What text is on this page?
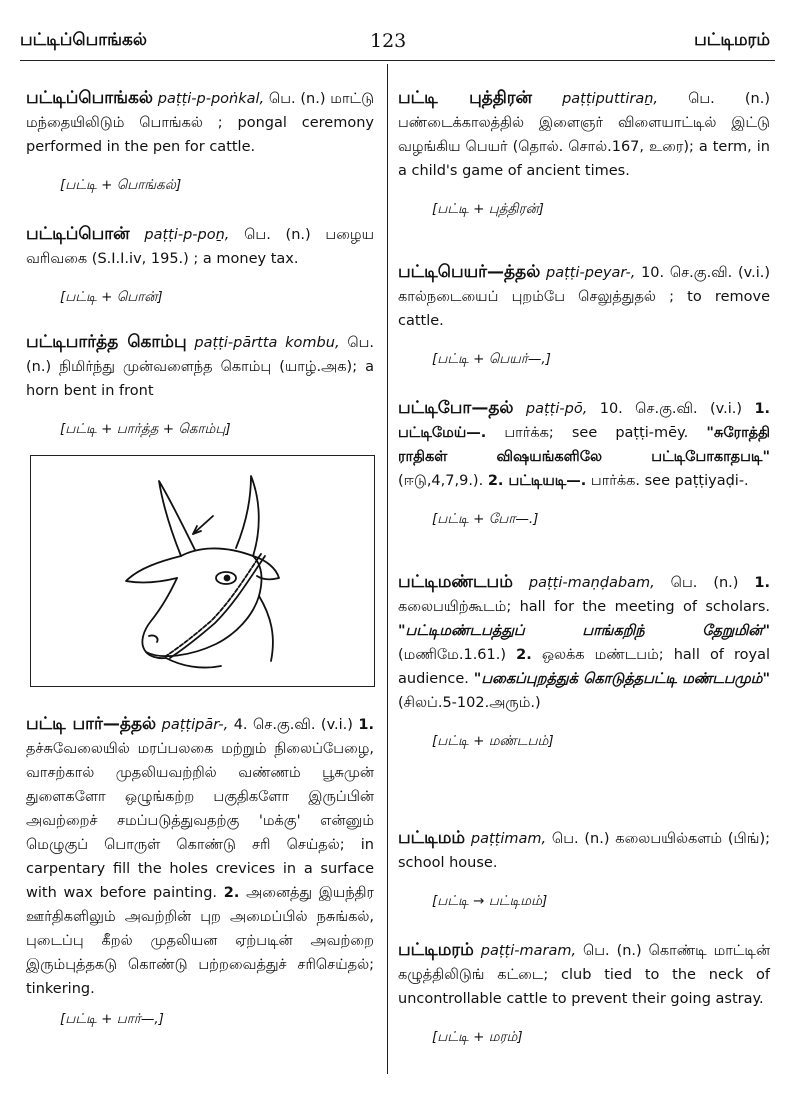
பட்டிப்பொங்கல்	123	பட்டிமரம்

பட்டிப்பொங்கல் paṭṭi-p-poṅkal, பெ. (n.) மாட்டு மந்தையிலிடும் பொங்கல் ; pongal ceremony performed in the pen for cattle.

[பட்டி + பொங்கல்]

பட்டிப்பொன் paṭṭi-p-poṉ, பெ. (n.) பழைய வரிவகை (S.I.I.iv, 195.) ; a money tax.

[பட்டி + பொன்]

பட்டிபார்த்த கொம்பு paṭṭi-pārtta kombu, பெ. (n.) நிமிர்ந்து முன்வளைந்த கொம்பு (யாழ்.அக); a horn bent in front

[பட்டி + பார்த்த + கொம்பு]

பட்டி பார்—த்தல் paṭṭipār-, 4. செ.கு.வி. (v.i.) 1. தச்சுவேலையில் மரப்பலகை மற்றும் நிலைப்பேழை, வாசற்கால் முதலியவற்றில் வண்ணம் பூசுமுன் துளைகளோ ஒழுங்கற்ற பகுதிகளோ இருப்பின் அவற்றைச் சமப்படுத்துவதற்கு 'மக்கு' என்னும் மெழுகுப் பொருள் கொண்டு சரி செய்தல்; in carpentary fill the holes crevices in a surface with wax before painting. 2. அனைத்து இயந்திர ஊர்திகளிலும் அவற்றின் புற அமைப்பில் நசுங்கல், புடைப்பு கீறல் முதலியன ஏற்படின் அவற்றை இரும்புத்தகடு கொண்டு பற்றவைத்துச் சரிசெய்தல்; tinkering.

[பட்டி + பார்—,]

பட்டி புத்திரன் paṭṭiputtiraṉ, பெ. (n.) பண்டைக்காலத்தில் இளைஞர் விளையாட்டில் இட்டு வழங்கிய பெயர் (தொல். சொல்.167, உரை); a term, in a child's game of ancient times.

[பட்டி + புத்திரன்]

பட்டிபெயர்—த்தல் paṭṭi-peyar-, 10. செ.கு.வி. (v.i.) கால்நடையைப் புறம்பே செலுத்துதல் ; to remove cattle.

[பட்டி + பெயர்—,]

பட்டிபோ—தல் paṭṭi-pō, 10. செ.கு.வி. (v.i.) 1. பட்டிமேய்—. பார்க்க; see paṭṭi-mēy. "சுரோத்தி ராதிகள் விஷயங்களிலே பட்டிபோகாதபடி" (ஈடு,4,7,9.). 2. பட்டியடி—. பார்க்க. see paṭṭiyaḍi-.

[பட்டி + போ—.]

பட்டிமண்டபம் paṭṭi-maṇḍabam, பெ. (n.) 1. கலைபயிற்கூடம்; hall for the meeting of scholars. "பட்டிமண்டபத்துப் பாங்கறிந் தேறுமின்" (மணிமே.1.61.) 2. ஒலக்க மண்டபம்; hall of royal audience. "பகைப்புறத்துக் கொடுத்தபட்டி மண்டபமும்" (சிலப்.5-102.அரும்.)

[பட்டி + மண்டபம்]

பட்டிமம் paṭṭimam, பெ. (n.) கலைபயில்களம் (பிங்); school house.

[பட்டி → பட்டிமம்]

பட்டிமரம் paṭṭi-maram, பெ. (n.) கொண்டி மாட்டின் கழுத்திலிடுங் கட்டை; club tied to the neck of uncontrollable cattle to prevent their going astray.

[பட்டி + மரம்]
